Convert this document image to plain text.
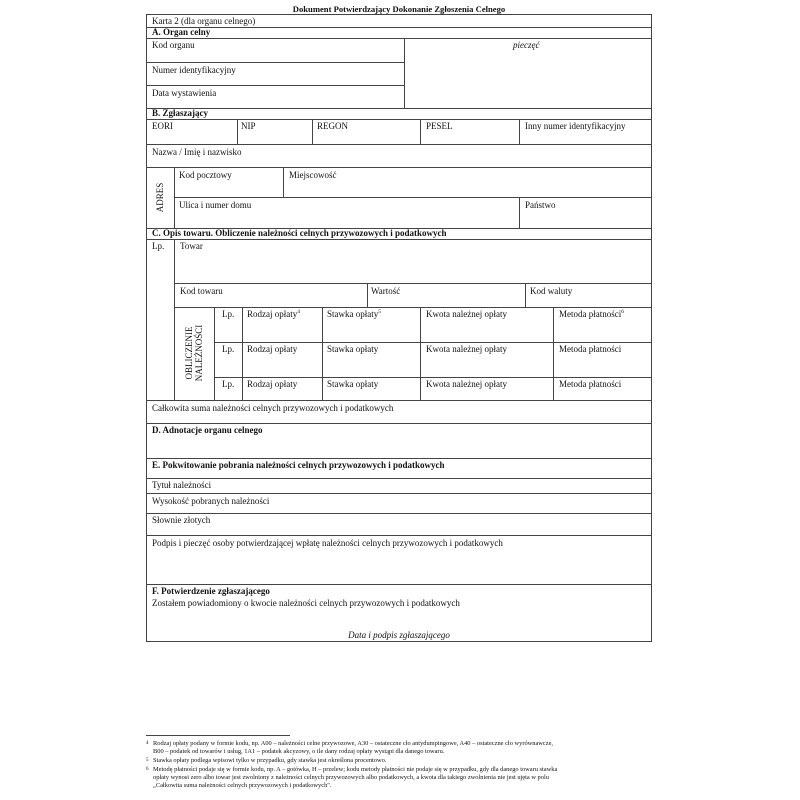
Dokument Potwierdzający Dokonanie Zgłoszenia Celnego
Karta 2 (dla organu celnego)
A. Organ celny
Kod organu	pieczęć
Numer identyfikacyjny
Data wystawienia
B. Zgłaszający
EORI	NIP	REGON	PESEL	Inny numer identyfikacyjny
Nazwa / Imię i nazwisko
ADRES
Kod pocztowy	Miejscowość
Ulica i numer domu	Państwo
C. Opis towaru. Obliczenie należności celnych przywozowych i podatkowych
Lp. Towar
Kod towaru	Wartość	Kod waluty
OBLICZENIE NALEŻNOŚCI
Lp. Rodzaj opłaty$^4$	Stawka opłaty$^5$	Kwota należnej opłaty	Metoda płatności$^6$
Lp. Rodzaj opłaty	Stawka opłaty	Kwota należnej opłaty	Metoda płatności
Lp. Rodzaj opłaty	Stawka opłaty	Kwota należnej opłaty	Metoda płatności
Całkowita suma należności celnych przywozowych i podatkowych
D. Adnotacje organu celnego
E. Pokwitowanie pobrania należności celnych przywozowych i podatkowych
Tytuł należności
Wysokość pobranych należności
Słownie złotych
Podpis i pieczęć osoby potwierdzającej wpłatę należności celnych przywozowych i podatkowych
F. Potwierdzenie zgłaszającego
Zostałem powiadomiony o kwocie należności celnych przywozowych i podatkowych
Data i podpis zgłaszającego
4 Rodzaj opłaty podany w formie kodu, np. A00 – należności celne przywozowe, A30 – ostateczne cło antydumpingowe, A40 – ostateczne cło wyrównawcze,
B00 – podatek od towarów i usług, 1A1 – podatek akcyzowy, o ile dany rodzaj opłaty wystąpi dla danego towaru.
5 Stawka opłaty podlega wpisowi tylko w przypadku, gdy stawka jest określona procentowo.
6 Metodę płatności podaje się w formie kodu, np. A – gotówka, H – przelew; kodu metody płatności nie podaje się w przypadku, gdy dla danego towaru stawka
opłaty wynosi zero albo towar jest zwolniony z należności celnych przywozowych albo podatkowych, a kwota dla takiego zwolnienia nie jest ujęta w polu
„Całkowita suma należności celnych przywozowych i podatkowych".
